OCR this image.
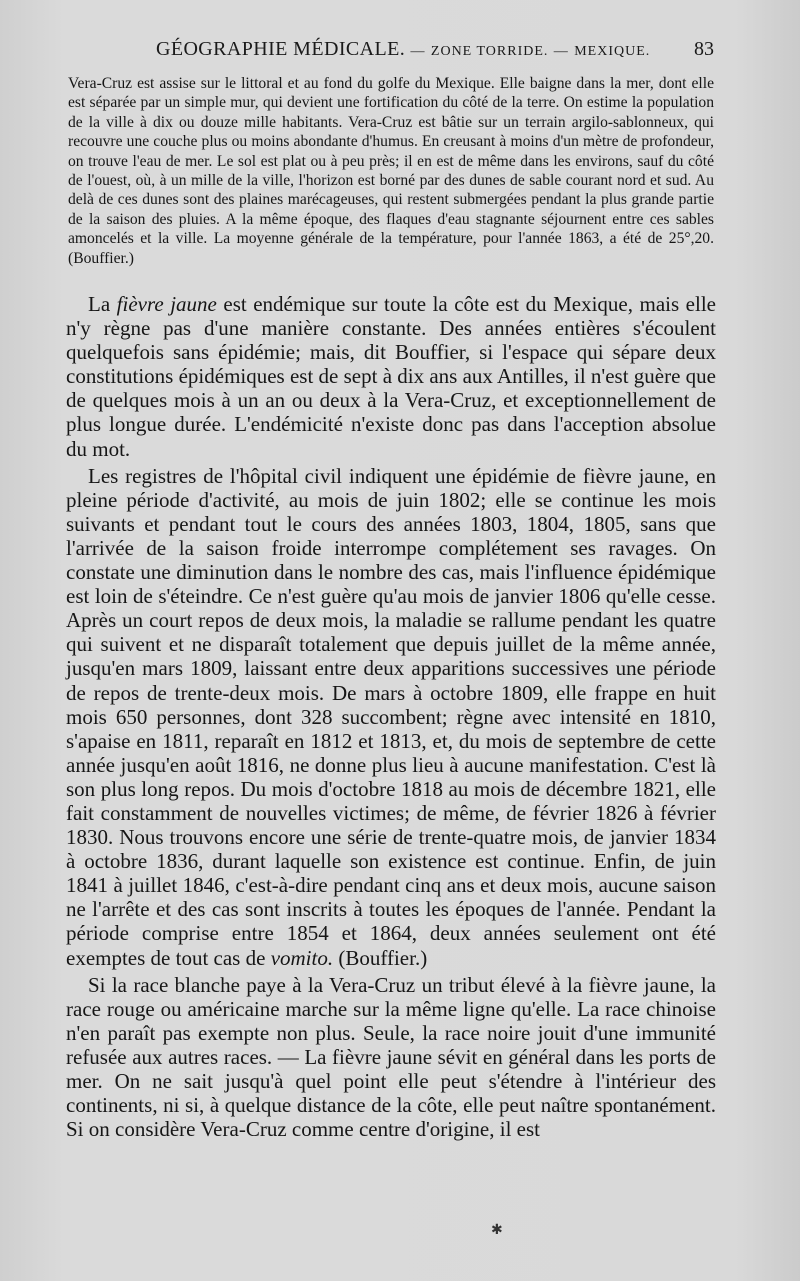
GÉOGRAPHIE MÉDICALE. — ZONE TORRIDE. — MEXIQUE. 83

Vera-Cruz est assise sur le littoral et au fond du golfe du Mexique. Elle baigne dans la mer, dont elle est séparée par un simple mur, qui devient une fortification du côté de la terre. On estime la population de la ville à dix ou douze mille habitants. Vera-Cruz est bâtie sur un terrain argilo-sablonneux, qui recouvre une couche plus ou moins abondante d'humus. En creusant à moins d'un mètre de profondeur, on trouve l'eau de mer. Le sol est plat ou à peu près; il en est de même dans les environs, sauf du côté de l'ouest, où, à un mille de la ville, l'horizon est borné par des dunes de sable courant nord et sud. Au delà de ces dunes sont des plaines marécageuses, qui restent submergées pendant la plus grande partie de la saison des pluies. A la même époque, des flaques d'eau stagnante séjournent entre ces sables amoncelés et la ville. La moyenne générale de la température, pour l'année 1863, a été de 25°,20. (Bouffier.)

La fièvre jaune est endémique sur toute la côte est du Mexique, mais elle n'y règne pas d'une manière constante. Des années entières s'écoulent quelquefois sans épidémie; mais, dit Bouffier, si l'espace qui sépare deux constitutions épidémiques est de sept à dix ans aux Antilles, il n'est guère que de quelques mois à un an ou deux à la Vera-Cruz, et exceptionnellement de plus longue durée. L'endémicité n'existe donc pas dans l'acception absolue du mot.

Les registres de l'hôpital civil indiquent une épidémie de fièvre jaune, en pleine période d'activité, au mois de juin 1802; elle se continue les mois suivants et pendant tout le cours des années 1803, 1804, 1805, sans que l'arrivée de la saison froide interrompe complétement ses ravages. On constate une diminution dans le nombre des cas, mais l'influence épidémique est loin de s'éteindre. Ce n'est guère qu'au mois de janvier 1806 qu'elle cesse. Après un court repos de deux mois, la maladie se rallume pendant les quatre qui suivent et ne disparaît totalement que depuis juillet de la même année, jusqu'en mars 1809, laissant entre deux apparitions successives une période de repos de trente-deux mois. De mars à octobre 1809, elle frappe en huit mois 650 personnes, dont 328 succombent; règne avec intensité en 1810, s'apaise en 1811, reparaît en 1812 et 1813, et, du mois de septembre de cette année jusqu'en août 1816, ne donne plus lieu à aucune manifestation. C'est là son plus long repos. Du mois d'octobre 1818 au mois de décembre 1821, elle fait constamment de nouvelles victimes; de même, de février 1826 à février 1830. Nous trouvons encore une série de trente-quatre mois, de janvier 1834 à octobre 1836, durant laquelle son existence est continue. Enfin, de juin 1841 à juillet 1846, c'est-à-dire pendant cinq ans et deux mois, aucune saison ne l'arrête et des cas sont inscrits à toutes les époques de l'année. Pendant la période comprise entre 1854 et 1864, deux années seulement ont été exemptes de tout cas de vomito. (Bouffier.)

Si la race blanche paye à la Vera-Cruz un tribut élevé à la fièvre jaune, la race rouge ou américaine marche sur la même ligne qu'elle. La race chinoise n'en paraît pas exempte non plus. Seule, la race noire jouit d'une immunité refusée aux autres races. — La fièvre jaune sévit en général dans les ports de mer. On ne sait jusqu'à quel point elle peut s'étendre à l'intérieur des continents, ni si, à quelque distance de la côte, elle peut naître spontanément. Si on considère Vera-Cruz comme centre d'origine, il est

✱
